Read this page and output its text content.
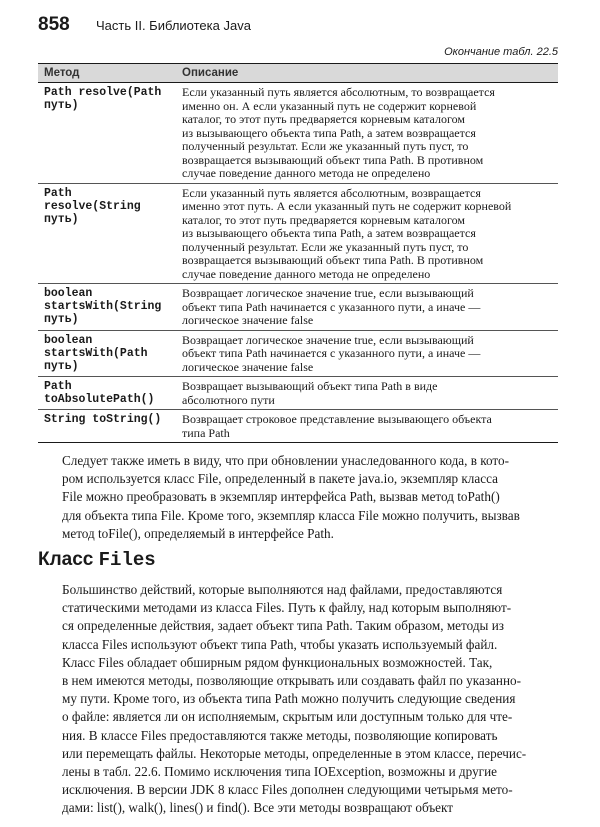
858 Часть II. Библиотека Java
Окончание табл. 22.5
Метод	Описание
Path resolve(Path
путь)
Если указанный путь является абсолютным, то возвращается
именно он. А если указанный путь не содержит корневой
каталог, то этот путь предваряется корневым каталогом
из вызывающего объекта типа Path, а затем возвращается
полученный результат. Если же указанный путь пуст, то
возвращается вызывающий объект типа Path. В противном
случае поведение данного метода не определено
Path
resolve(String
путь)
Если указанный путь является абсолютным, возвращается
именно этот путь. А если указанный путь не содержит корневой
каталог, то этот путь предваряется корневым каталогом
из вызывающего объекта типа Path, а затем возвращается
полученный результат. Если же указанный путь пуст, то
возвращается вызывающий объект типа Path. В противном
случае поведение данного метода не определено
boolean
startsWith(String
путь)
Возвращает логическое значение true, если вызывающий
объект типа Path начинается с указанного пути, а иначе —
логическое значение false
boolean
startsWith(Path
путь)
Возвращает логическое значение true, если вызывающий
объект типа Path начинается с указанного пути, а иначе —
логическое значение false
Path
toAbsolutePath()
Возвращает вызывающий объект типа Path в виде
абсолютного пути
String toString()	Возвращает строковое представление вызывающего объекта
типа Path
Следует также иметь в виду, что при обновлении унаследованного кода, в кото-
ром используется класс File, определенный в пакете java.io, экземпляр класса
File можно преобразовать в экземпляр интерфейса Path, вызвав метод toPath()
для объекта типа File. Кроме того, экземпляр класса File можно получить, вызвав
метод toFile(), определяемый в интерфейсе Path.
Класс Files
Большинство действий, которые выполняются над файлами, предоставляются
статическими методами из класса Files. Путь к файлу, над которым выполняют-
ся определенные действия, задает объект типа Path. Таким образом, методы из
класса Files используют объект типа Path, чтобы указать используемый файл.
Класс Files обладает обширным рядом функциональных возможностей. Так,
в нем имеются методы, позволяющие открывать или создавать файл по указанно-
му пути. Кроме того, из объекта типа Path можно получить следующие сведения
о файле: является ли он исполняемым, скрытым или доступным только для чте-
ния. В классе Files предоставляются также методы, позволяющие копировать
или перемещать файлы. Некоторые методы, определенные в этом классе, перечис-
лены в табл. 22.6. Помимо исключения типа IOException, возможны и другие
исключения. В версии JDK 8 класс Files дополнен следующими четырьмя мето-
дами: list(), walk(), lines() и find(). Все эти методы возвращают объект
